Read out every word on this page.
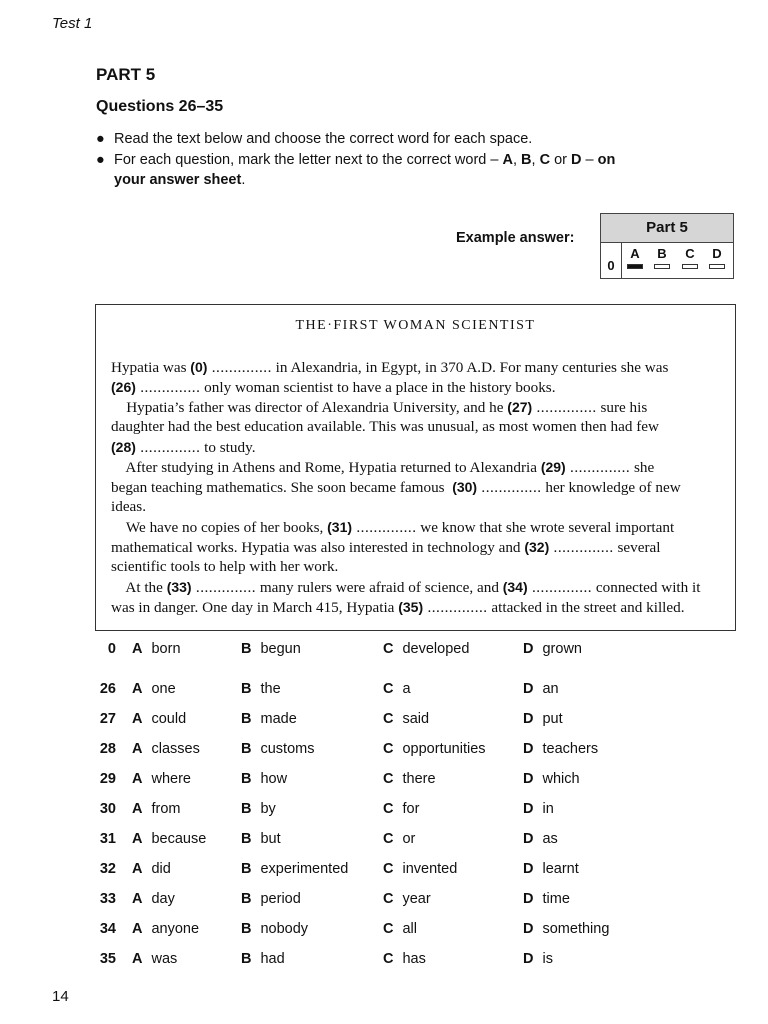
Test 1
PART 5
Questions 26–35
● Read the text below and choose the correct word for each space.
● For each question, mark the letter next to the correct word – A, B, C or D – on
your answer sheet.
Example answer:
Part 5
0
A	B	C	D
THE·FIRST WOMAN SCIENTIST
Hypatia was (0) .............. in Alexandria, in Egypt, in 370 A.D. For many centuries she was
(26) .............. only woman scientist to have a place in the history books.
Hypatia’s father was director of Alexandria University, and he (27) .............. sure his
daughter had the best education available. This was unusual, as most women then had few
(28) .............. to study.
After studying in Athens and Rome, Hypatia returned to Alexandria (29) .............. she
began teaching mathematics. She soon became famous  (30) .............. her knowledge of new
ideas.
We have no copies of her books, (31) .............. we know that she wrote several important
mathematical works. Hypatia was also interested in technology and (32) .............. several
scientific tools to help with her work.
At the (33) .............. many rulers were afraid of science, and (34) .............. connected with it
was in danger. One day in March 415, Hypatia (35) .............. attacked in the street and killed.
0 A born	B begun	C developed	D grown
26 A one	B the	C a	D an
27 A could	B made	C said	D put
28 A classes	B customs	C opportunities	D teachers
29 A where	B how	C there	D which
30 A from	B by	C for	D in
31 A because B but	C or	D as
32 A did	B experimented C invented	D learnt
33 A day	B period	C year	D time
34 A anyone	B nobody	C all	D something
35 A was	B had	C has	D is
14
